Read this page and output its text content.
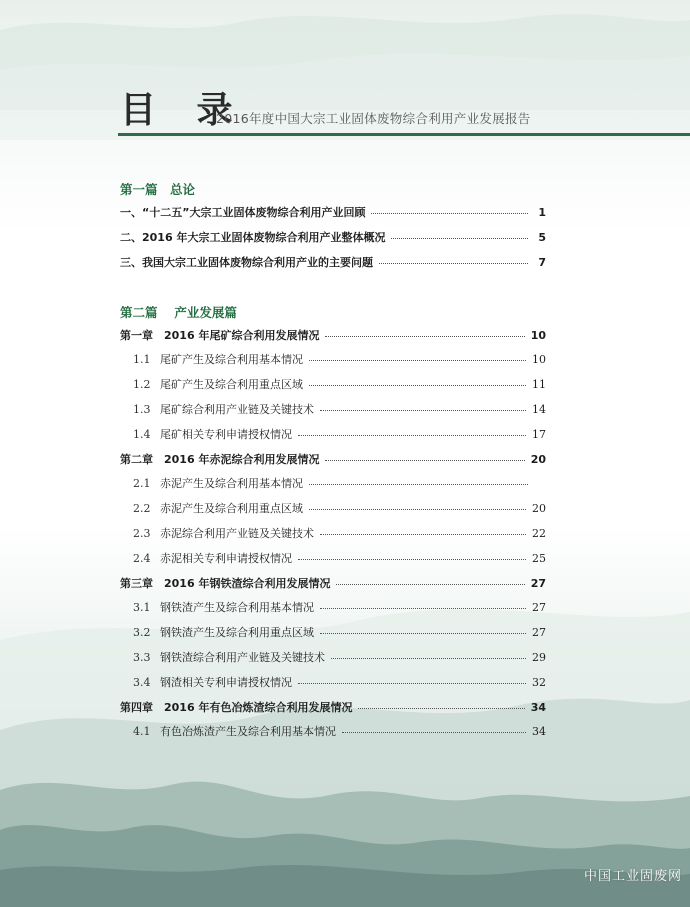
目 录
2016年度中国大宗工业固体废物综合利用产业发展报告
第一篇　总论
一、“十二五”大宗工业固体废物综合利用产业回顾	1
二、2016 年大宗工业固体废物综合利用产业整体概况	5
三、我国大宗工业固体废物综合利用产业的主要问题	7
第二篇　 产业发展篇
第一章　2016 年尾矿综合利用发展情况	10
1.1 尾矿产生及综合利用基本情况	10
1.2 尾矿产生及综合利用重点区域	11
1.3 尾矿综合利用产业链及关键技术	14
1.4 尾矿相关专利申请授权情况	17
第二章　2016 年赤泥综合利用发展情况	20
2.1 赤泥产生及综合利用基本情况
2.2 赤泥产生及综合利用重点区域	20
2.3 赤泥综合利用产业链及关键技术	22
2.4 赤泥相关专利申请授权情况	25
第三章　2016 年钢铁渣综合利用发展情况	27
3.1 钢铁渣产生及综合利用基本情况	27
3.2 钢铁渣产生及综合利用重点区域	27
3.3 钢铁渣综合利用产业链及关键技术	29
3.4 钢渣相关专利申请授权情况	32
第四章　2016 年有色冶炼渣综合利用发展情况	34
4.1 有色冶炼渣产生及综合利用基本情况	34
中国工业固废网
